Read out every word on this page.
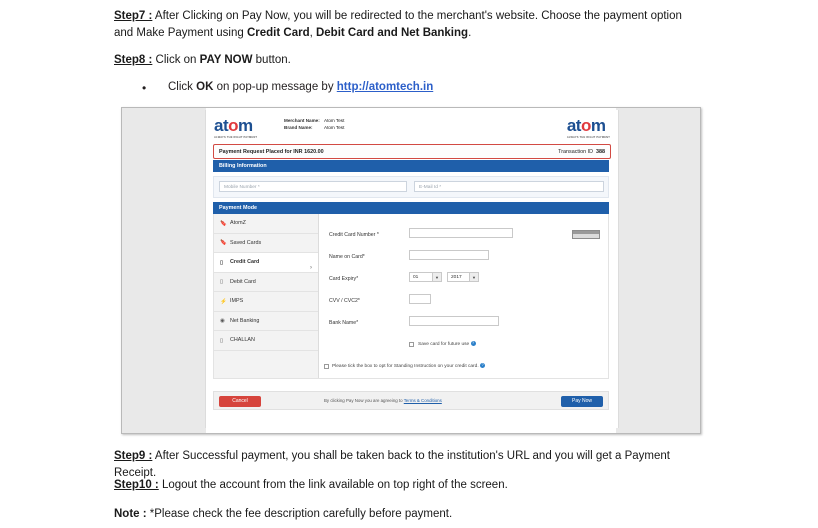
Step7 : After Clicking on Pay Now, you will be redirected to the merchant's website. Choose the payment option and Make Payment using Credit Card, Debit Card and Net Banking.
Step8 : Click on PAY NOW button.
•	Click OK on pop-up message by http://atomtech.in
atom
ALWAYS THE RIGHT PAYMENT
atom
ALWAYS THE RIGHT PAYMENT
Merchant Name: Atom Test
Brand Name: Atom Test
Payment Request Placed for INR 1620.00	Transaction ID 388
Billing Information
Mobile Number *	E-Mail Id *
Payment Mode
🔖 AtomZ
🔖 Saved Cards
▯	Credit Card
›
▯	Debit Card
⚡ IMPS
◉ Net Banking
▯	CHALLAN
Credit Card Number *
Name on Card*
Card Expiry*	01	▼	2017	▼
CVV / CVC2*
Bank Name*
Save card for future use ?
Please tick the box to opt for Standing Instruction on your credit card. ?
Cancel	By clicking Pay Now you are agreeing to Terms & Conditions	Pay Now
Step9 : After Successful payment, you shall be taken back to the institution's URL and you will get a Payment Receipt.
Step10 : Logout the account from the link available on top right of the screen.
Note : *Please check the fee description carefully before payment.
